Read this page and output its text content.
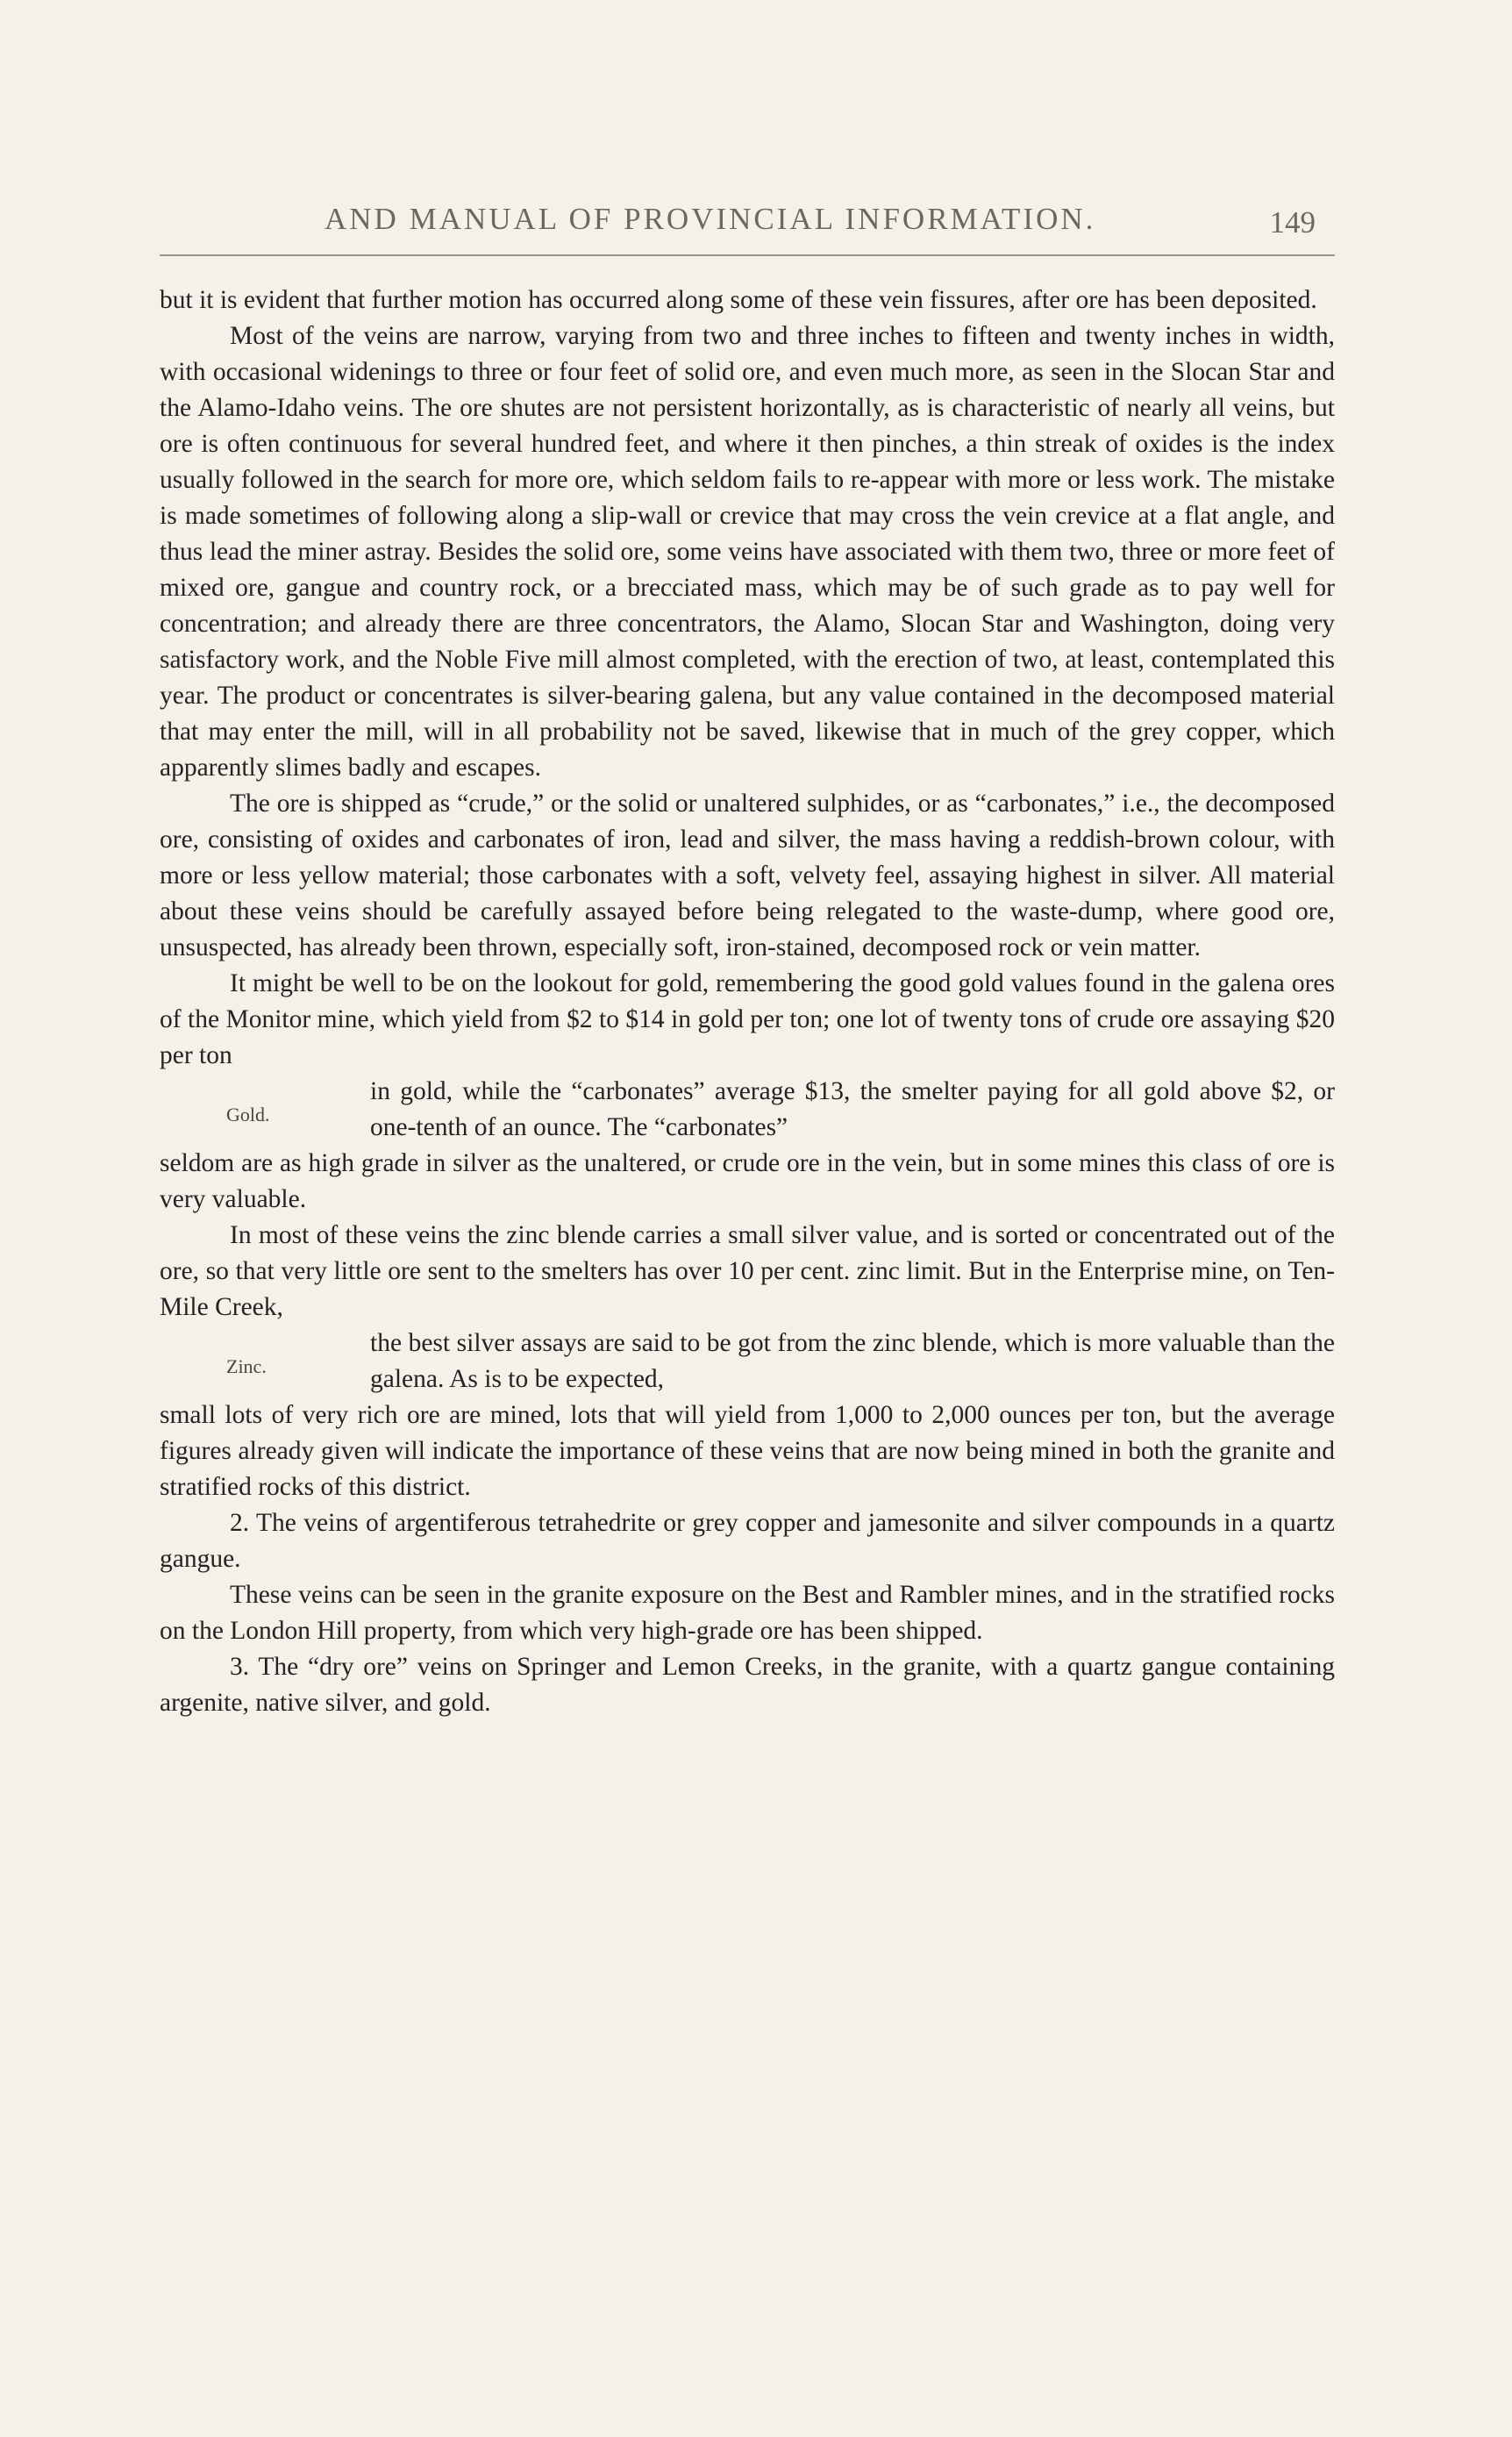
AND MANUAL OF PROVINCIAL INFORMATION.	149

but it is evident that further motion has occurred along some of these vein fissures, after ore has been deposited.

Most of the veins are narrow, varying from two and three inches to fifteen and twenty inches in width, with occasional widenings to three or four feet of solid ore, and even much more, as seen in the Slocan Star and the Alamo-Idaho veins. The ore shutes are not persistent horizontally, as is characteristic of nearly all veins, but ore is often continuous for several hundred feet, and where it then pinches, a thin streak of oxides is the index usually followed in the search for more ore, which seldom fails to re-appear with more or less work. The mistake is made sometimes of following along a slip-wall or crevice that may cross the vein crevice at a flat angle, and thus lead the miner astray. Besides the solid ore, some veins have associated with them two, three or more feet of mixed ore, gangue and country rock, or a brecciated mass, which may be of such grade as to pay well for concentration; and already there are three concentrators, the Alamo, Slocan Star and Washington, doing very satisfactory work, and the Noble Five mill almost completed, with the erection of two, at least, contemplated this year. The product or concentrates is silver-bearing galena, but any value contained in the decomposed material that may enter the mill, will in all probability not be saved, likewise that in much of the grey copper, which apparently slimes badly and escapes.

The ore is shipped as “crude,” or the solid or unaltered sulphides, or as “carbonates,” i.e., the decomposed ore, consisting of oxides and carbonates of iron, lead and silver, the mass having a reddish-brown colour, with more or less yellow material; those carbonates with a soft, velvety feel, assaying highest in silver. All material about these veins should be carefully assayed before being relegated to the waste-dump, where good ore, unsuspected, has already been thrown, especially soft, iron-stained, decomposed rock or vein matter.

It might be well to be on the lookout for gold, remembering the good gold values found in the galena ores of the Monitor mine, which yield from $2 to $14 in gold per ton; one lot of twenty tons of crude ore assaying $20 per ton

Gold.
in gold, while the “carbonates” average $13, the smelter paying for all gold above $2, or one-tenth of an ounce. The “carbonates”

seldom are as high grade in silver as the unaltered, or crude ore in the vein, but in some mines this class of ore is very valuable.

In most of these veins the zinc blende carries a small silver value, and is sorted or concentrated out of the ore, so that very little ore sent to the smelters has over 10 per cent. zinc limit. But in the Enterprise mine, on Ten-Mile Creek,

Zinc.
the best silver assays are said to be got from the zinc blende, which is more valuable than the galena. As is to be expected,

small lots of very rich ore are mined, lots that will yield from 1,000 to 2,000 ounces per ton, but the average figures already given will indicate the importance of these veins that are now being mined in both the granite and stratified rocks of this district.

2. The veins of argentiferous tetrahedrite or grey copper and jamesonite and silver compounds in a quartz gangue.

These veins can be seen in the granite exposure on the Best and Rambler mines, and in the stratified rocks on the London Hill property, from which very high-grade ore has been shipped.

3. The “dry ore” veins on Springer and Lemon Creeks, in the granite, with a quartz gangue containing argenite, native silver, and gold.
